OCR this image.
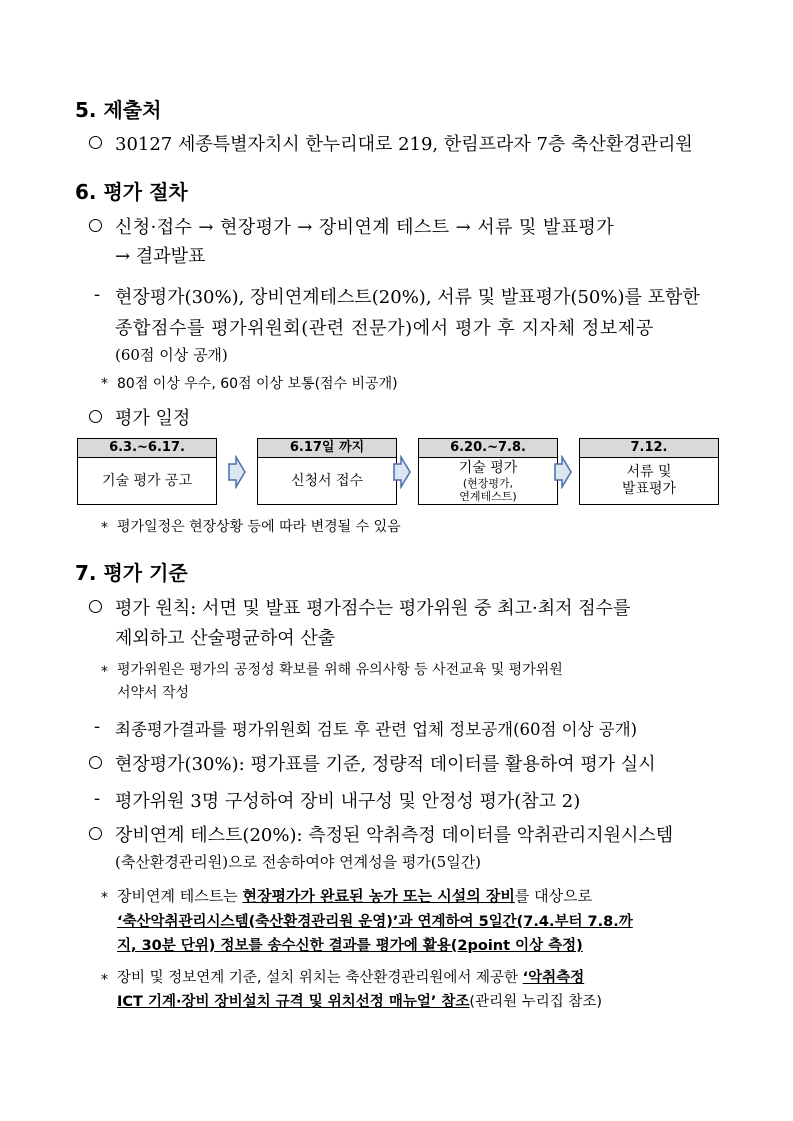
5. 제출처
30127 세종특별자치시 한누리대로 219, 한림프라자 7층 축산환경관리원
6. 평가 절차
신청·접수 → 현장평가 → 장비연계 테스트 → 서류 및 발표평가
→ 결과발표
- 현장평가(30%), 장비연계테스트(20%), 서류 및 발표평가(50%)를 포함한
종합점수를 평가위원회(관련 전문가)에서 평가 후 지자체 정보제공
(60점 이상 공개)
* 80점 이상 우수, 60점 이상 보통(점수 비공개)
평가 일정
6.3.~6.17.
기술 평가 공고
6.17일 까지
신청서 접수
6.20.~7.8.
기술 평가
(현장평가,
연계테스트)
7.12.
서류 및
발표평가
* 평가일정은 현장상황 등에 따라 변경될 수 있음
7. 평가 기준
평가 원칙: 서면 및 발표 평가점수는 평가위원 중 최고·최저 점수를
제외하고 산술평균하여 산출
* 평가위원은 평가의 공정성 확보를 위해 유의사항 등 사전교육 및 평가위원
서약서 작성
- 최종평가결과를 평가위원회 검토 후 관련 업체 정보공개(60점 이상 공개)
현장평가(30%): 평가표를 기준, 정량적 데이터를 활용하여 평가 실시
- 평가위원 3명 구성하여 장비 내구성 및 안정성 평가(참고 2)
장비연계 테스트(20%): 측정된 악취측정 데이터를 악취관리지원시스템
(축산환경관리원)으로 전송하여야 연계성을 평가(5일간)
* 장비연계 테스트는 현장평가가 완료된 농가 또는 시설의 장비를 대상으로
‘축산악취관리시스템(축산환경관리원 운영)’과 연계하여 5일간(7.4.부터 7.8.까
지, 30분 단위) 정보를 송수신한 결과를 평가에 활용(2point 이상 측정)
* 장비 및 정보연계 기준, 설치 위치는 축산환경관리원에서 제공한 ‘악취측정
ICT 기계·장비 장비설치 규격 및 위치선정 매뉴얼’ 참조(관리원 누리집 참조)
